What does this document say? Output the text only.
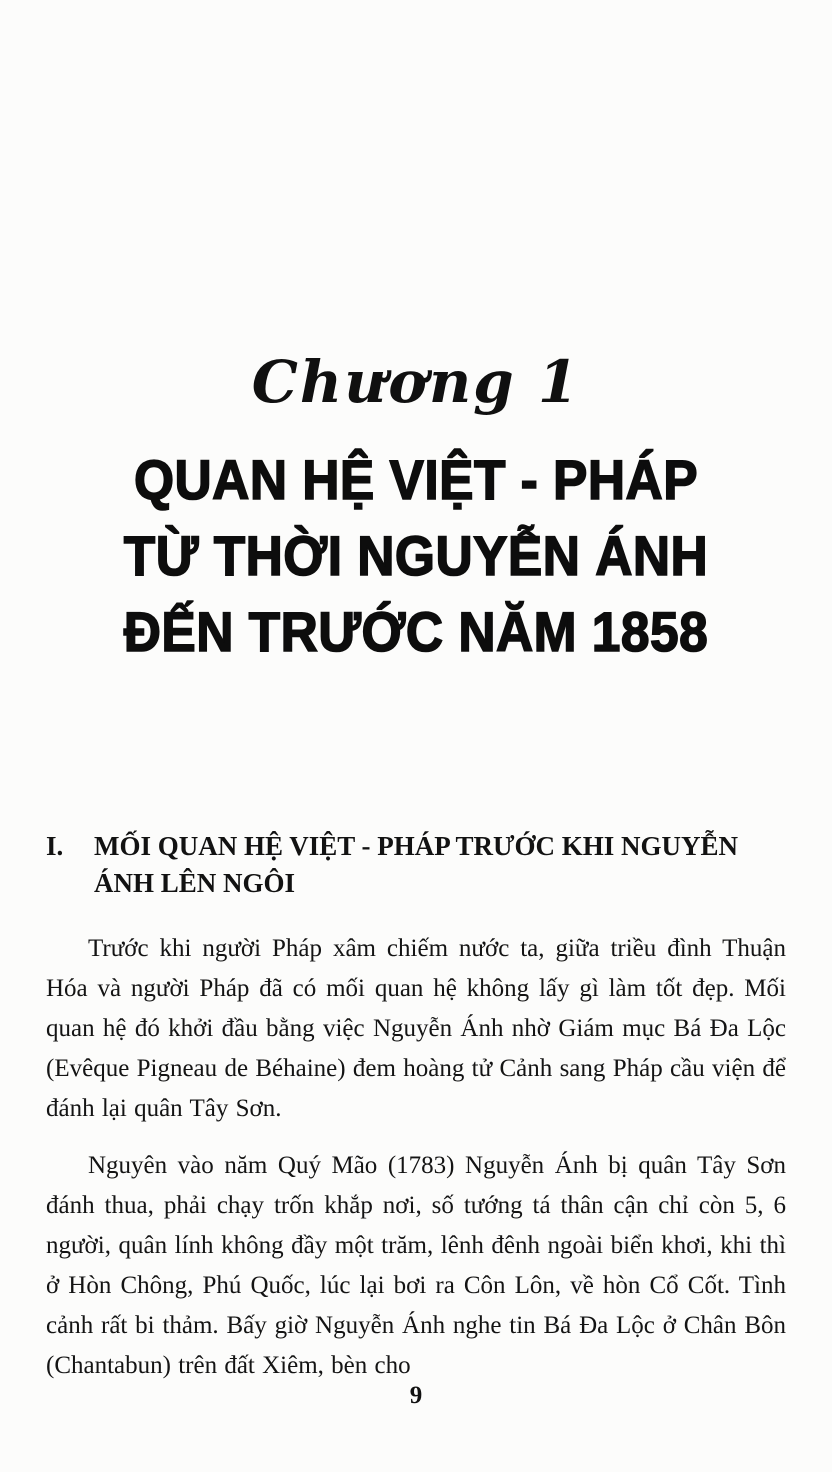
Chương 1
QUAN HỆ VIỆT - PHÁP
TỪ THỜI NGUYỄN ÁNH
ĐẾN TRƯỚC NĂM 1858
I.	MỐI QUAN HỆ VIỆT - PHÁP TRƯỚC KHI NGUYỄN ÁNH LÊN NGÔI

Trước khi người Pháp xâm chiếm nước ta, giữa triều đình Thuận Hóa và người Pháp đã có mối quan hệ không lấy gì làm tốt đẹp. Mối quan hệ đó khởi đầu bằng việc Nguyễn Ánh nhờ Giám mục Bá Đa Lộc (Evêque Pigneau de Béhaine) đem hoàng tử Cảnh sang Pháp cầu viện để đánh lại quân Tây Sơn.

Nguyên vào năm Quý Mão (1783) Nguyễn Ánh bị quân Tây Sơn đánh thua, phải chạy trốn khắp nơi, số tướng tá thân cận chỉ còn 5, 6 người, quân lính không đầy một trăm, lênh đênh ngoài biển khơi, khi thì ở Hòn Chông, Phú Quốc, lúc lại bơi ra Côn Lôn, về hòn Cổ Cốt. Tình cảnh rất bi thảm. Bấy giờ Nguyễn Ánh nghe tin Bá Đa Lộc ở Chân Bôn (Chantabun) trên đất Xiêm, bèn cho

9
